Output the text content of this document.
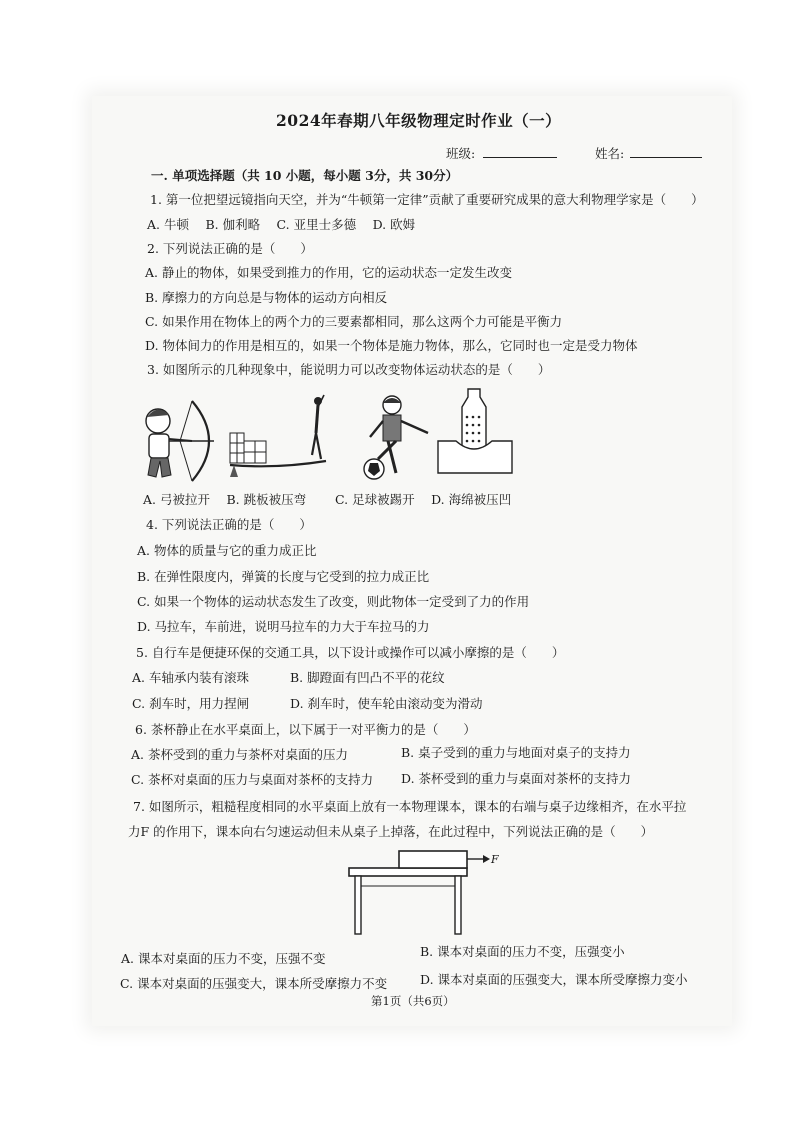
2024年春期八年级物理定时作业（一）
班级:	姓名:
一. 单项选择题（共 10 小题，每小题 3分，共 30分）
1. 第一位把望远镜指向天空，并为“牛顿第一定律”贡献了重要研究成果的意大利物理学家是（　　）
A. 牛顿　 B. 伽利略　 C. 亚里士多德　 D. 欧姆
2. 下列说法正确的是（　　）
A. 静止的物体，如果受到推力的作用，它的运动状态一定发生改变
B. 摩擦力的方向总是与物体的运动方向相反
C. 如果作用在物体上的两个力的三要素都相同，那么这两个力可能是平衡力
D. 物体间力的作用是相互的，如果一个物体是施力物体，那么，它同时也一定是受力物体
3. 如图所示的几种现象中，能说明力可以改变物体运动状态的是（　　）
A. 弓被拉开　 B. 跳板被压弯　　 C. 足球被踢开　 D. 海绵被压凹
4. 下列说法正确的是（　　）
A. 物体的质量与它的重力成正比
B. 在弹性限度内，弹簧的长度与它受到的拉力成正比
C. 如果一个物体的运动状态发生了改变，则此物体一定受到了力的作用
D. 马拉车，车前进，说明马拉车的力大于车拉马的力
5. 自行车是便捷环保的交通工具，以下设计或操作可以减小摩擦的是（　　）
A. 车轴承内装有滚珠	B. 脚蹬面有凹凸不平的花纹
C. 刹车时，用力捏闸	D. 刹车时，使车轮由滚动变为滑动
6. 茶杯静止在水平桌面上，以下属于一对平衡力的是（　　）
A. 茶杯受到的重力与茶杯对桌面的压力	B. 桌子受到的重力与地面对桌子的支持力
C. 茶杯对桌面的压力与桌面对茶杯的支持力 D. 茶杯受到的重力与桌面对茶杯的支持力
7. 如图所示，粗糙程度相同的水平桌面上放有一本物理课本，课本的右端与桌子边缘相齐，在水平拉
力F 的作用下，课本向右匀速运动但未从桌子上掉落，在此过程中，下列说法正确的是（　　）
F
A. 课本对桌面的压力不变，压强不变	B. 课本对桌面的压力不变，压强变小
C. 课本对桌面的压强变大，课本所受摩擦力不变	D. 课本对桌面的压强变大，课本所受摩擦力变小
第1页（共6页）
